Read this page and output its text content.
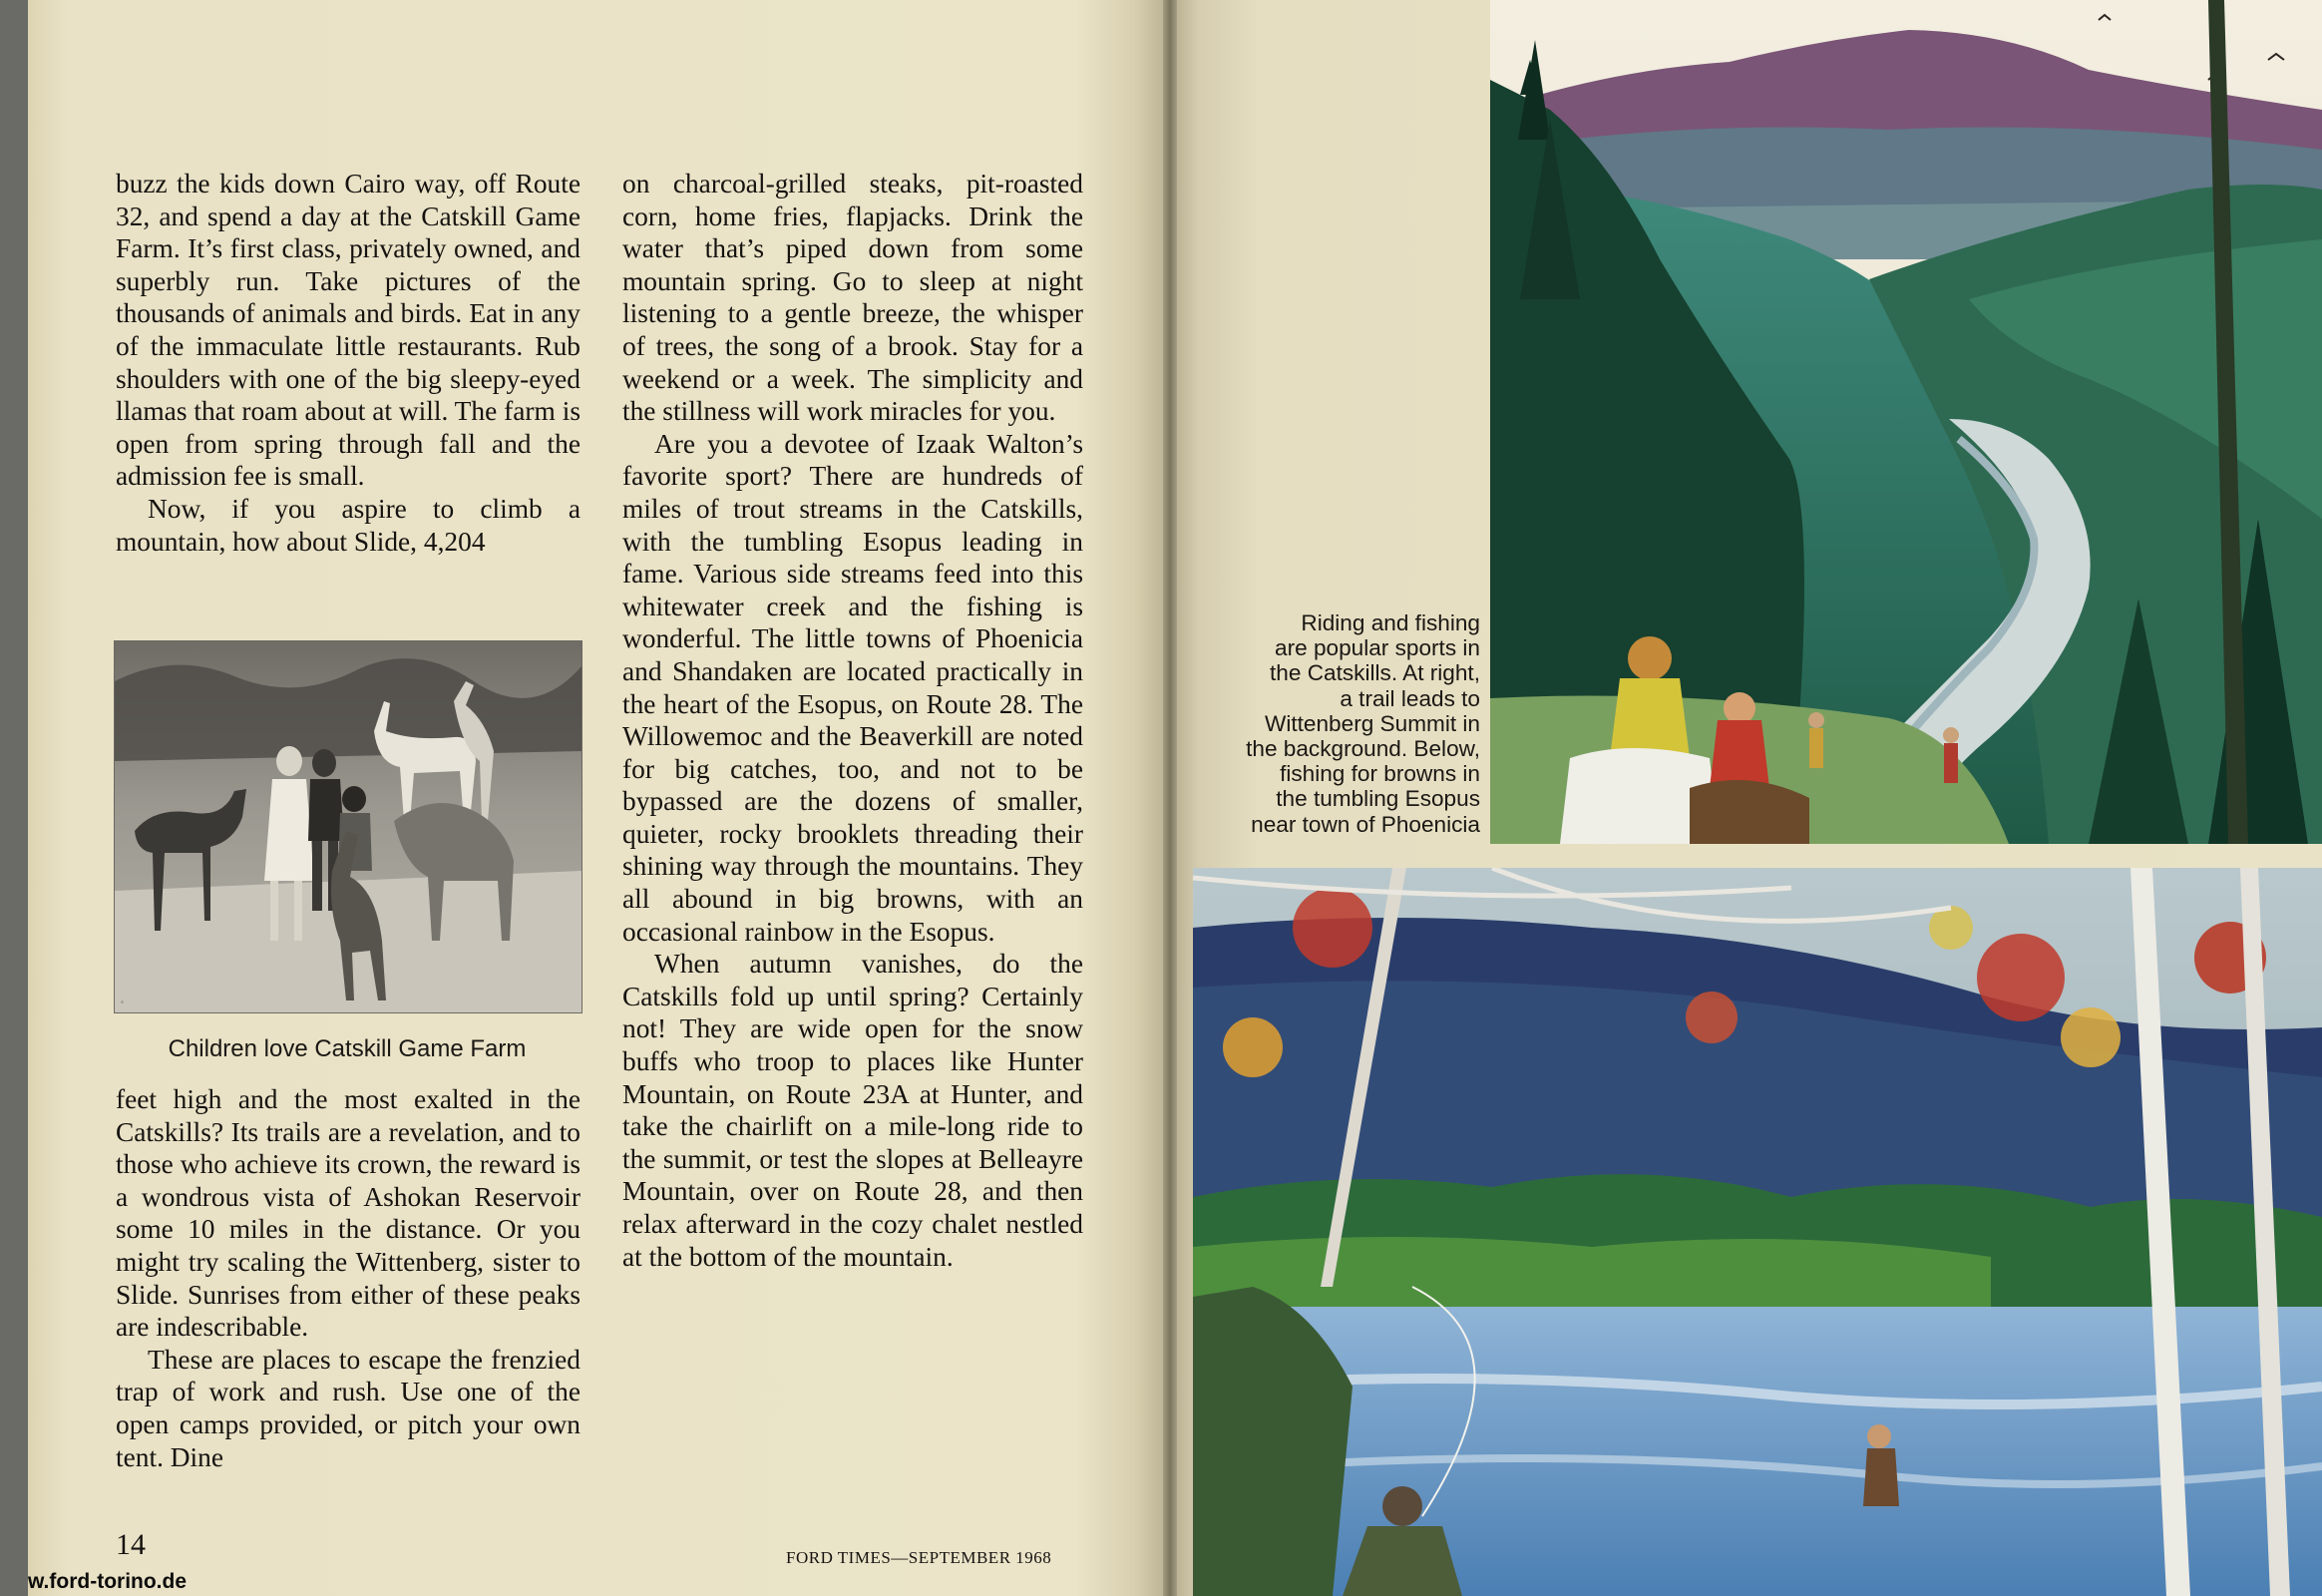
buzz the kids down Cairo way, off Route 32, and spend a day at the Catskill Game Farm. It’s first class, privately owned, and superbly run. Take pictures of the thousands of animals and birds. Eat in any of the immaculate little restaurants. Rub shoulders with one of the big sleepy-eyed llamas that roam about at will. The farm is open from spring through fall and the admission fee is small.

Now, if you aspire to climb a mountain, how about Slide, 4,204

◦
Children love Catskill Game Farm

feet high and the most exalted in the Catskills? Its trails are a revelation, and to those who achieve its crown, the reward is a wondrous vista of Ashokan Reservoir some 10 miles in the distance. Or you might try scaling the Wittenberg, sister to Slide. Sunrises from either of these peaks are indescribable.

These are places to escape the frenzied trap of work and rush. Use one of the open camps provided, or pitch your own tent. Dine

on charcoal-grilled steaks, pit-roasted corn, home fries, flapjacks. Drink the water that’s piped down from some mountain spring. Go to sleep at night listening to a gentle breeze, the whisper of trees, the song of a brook. Stay for a weekend or a week. The simplicity and the stillness will work miracles for you.

Are you a devotee of Izaak Walton’s favorite sport? There are hundreds of miles of trout streams in the Catskills, with the tumbling Esopus leading in fame. Various side streams feed into this whitewater creek and the fishing is wonderful. The little towns of Phoenicia and Shandaken are located practically in the heart of the Esopus, on Route 28. The Willowemoc and the Beaverkill are noted for big catches, too, and not to be bypassed are the dozens of smaller, quieter, rocky brooklets threading their shining way through the mountains. They all abound in big browns, with an occasional rainbow in the Esopus.

When autumn vanishes, do the Catskills fold up until spring? Certainly not! They are wide open for the snow buffs who troop to places like Hunter Mountain, on Route 23A at Hunter, and take the chairlift on a mile-long ride to the summit, or test the slopes at Belleayre Mountain, over on Route 28, and then relax afterward in the cozy chalet nestled at the bottom of the mountain.

14	FORD TIMES—SEPTEMBER 1968
w.ford-torino.de
Riding and fishing
are popular sports in
the Catskills. At right,
a trail leads to
Wittenberg Summit in
the background. Below,
fishing for browns in
the tumbling Esopus
near town of Phoenicia
